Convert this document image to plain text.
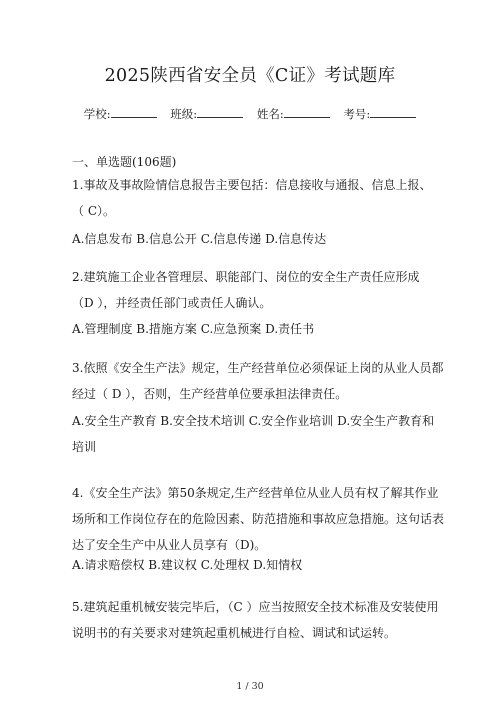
2025陕西省安全员《C证》考试题库
学校:	班级:	姓名:	考号:
一、单选题(106题)
1.事故及事故险情信息报告主要包括：信息接收与通报、信息上报、
（ C）。
A.信息发布 B.信息公开 C.信息传递 D.信息传达
2.建筑施工企业各管理层、职能部门、岗位的安全生产责任应形成
（D ），并经责任部门或责任人确认。
A.管理制度 B.措施方案 C.应急预案 D.责任书
3.依照《安全生产法》规定，生产经营单位必须保证上岗的从业人员都
经过（ D ），否则，生产经营单位要承担法律责任。
A.安全生产教育 B.安全技术培训 C.安全作业培训 D.安全生产教育和
培训
4.《安全生产法》第50条规定,生产经营单位从业人员有权了解其作业
场所和工作岗位存在的危险因素、防范措施和事故应急措施。这句话表
达了安全生产中从业人员享有（D)。
A.请求赔偿权 B.建议权 C.处理权 D.知情权
5.建筑起重机械安装完毕后，（C ）应当按照安全技术标准及安装使用
说明书的有关要求对建筑起重机械进行自检、调试和试运转。
1 / 30
